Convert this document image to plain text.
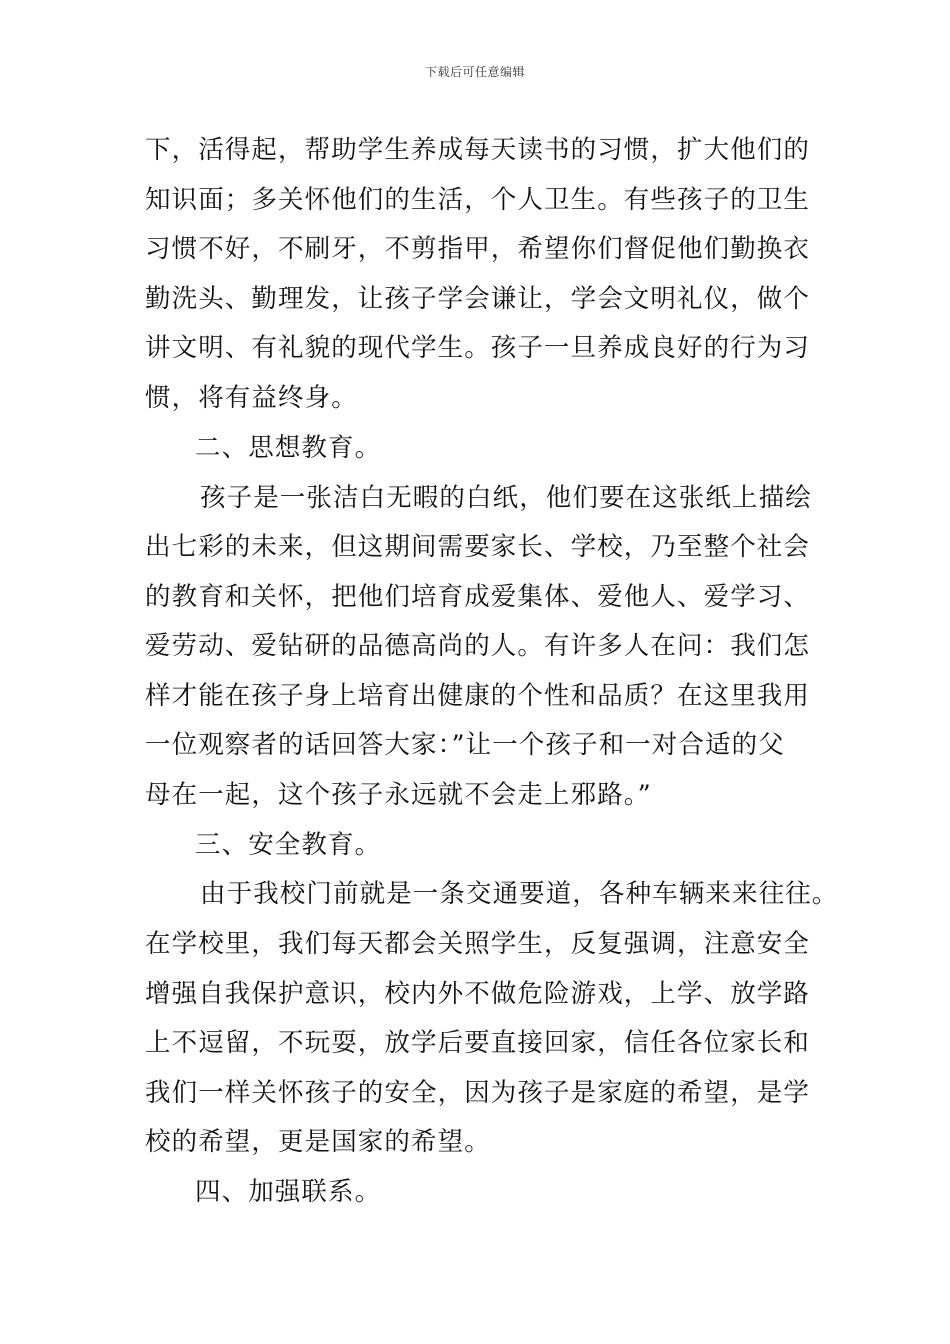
下载后可任意编辑
下，活得起，帮助学生养成每天读书的习惯，扩大他们的
知识面；多关怀他们的生活，个人卫生。有些孩子的卫生
习惯不好，不刷牙，不剪指甲，希望你们督促他们勤换衣
勤洗头、勤理发，让孩子学会谦让，学会文明礼仪，做个
讲文明、有礼貌的现代学生。孩子一旦养成良好的行为习
惯，将有益终身。
二、思想教育。
孩子是一张洁白无暇的白纸，他们要在这张纸上描绘
出七彩的未来，但这期间需要家长、学校，乃至整个社会
的教育和关怀，把他们培育成爱集体、爱他人、爱学习、
爱劳动、爱钻研的品德高尚的人。有许多人在问：我们怎
样才能在孩子身上培育出健康的个性和品质？在这里我用
一位观察者的话回答大家：”让一个孩子和一对合适的父
母在一起，这个孩子永远就不会走上邪路。”
三、安全教育。
由于我校门前就是一条交通要道，各种车辆来来往往。
在学校里，我们每天都会关照学生，反复强调，注意安全
增强自我保护意识，校内外不做危险游戏，上学、放学路
上不逗留，不玩耍，放学后要直接回家，信任各位家长和
我们一样关怀孩子的安全，因为孩子是家庭的希望，是学
校的希望，更是国家的希望。
四、加强联系。
